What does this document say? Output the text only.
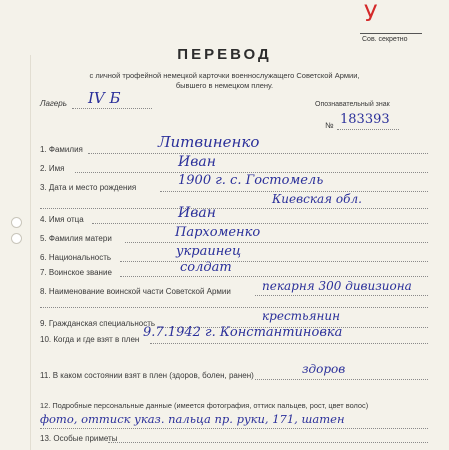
У
Сов. секретно
ПЕРЕВОД
с личной трофейной немецкой карточки военнослужащего Советской Армии,
бывшего в немецком плену.
Лагерь IV Б	Опознавательный знак
№ 183393
1. Фамилия	Литвиненко
2. Имя	Иван
3. Дата и место рождения	1900 г. с. Гостомель
Киевская обл.
4. Имя отца	Иван
5. Фамилия матери	Пархоменко
6. Национальность	украинец
7. Воинское звание	солдат
8. Наименование воинской части Советской Армии	пекарня 300 дивизиона
9. Гражданская специальность
крестьянин
10. Когда и где взят в плен 9.7.1942 г. Константиновка
11. В каком состоянии взят в плен (здоров, болен, ранен)	здоров
12. Подробные персональные данные (имеется фотография, оттиск пальцев, рост, цвет волос)
фото, оттиск указ. пальца пр. руки, 171, шатен
13. Особые приметы
